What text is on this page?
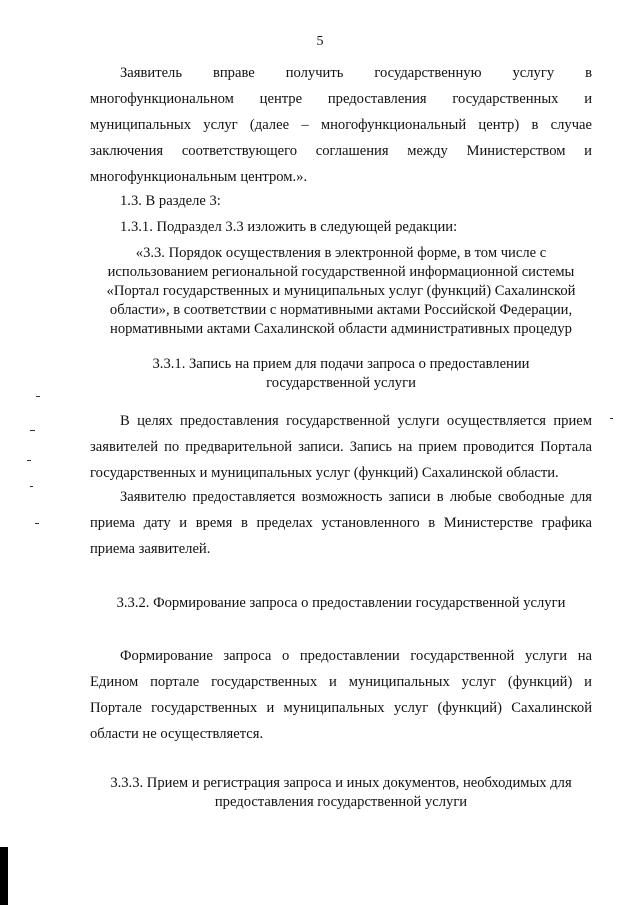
5
Заявитель вправе получить государственную услугу в
многофункциональном центре предоставления государственных и
муниципальных услуг (далее – многофункциональный центр) в случае
заключения соответствующего соглашения между Министерством и
многофункциональным центром.».
1.3. В разделе 3:
1.3.1. Подраздел 3.3 изложить в следующей редакции:
«3.3. Порядок осуществления в электронной форме, в том числе с
использованием региональной государственной информационной системы
«Портал государственных и муниципальных услуг (функций) Сахалинской
области», в соответствии с нормативными актами Российской Федерации,
нормативными актами Сахалинской области административных процедур
3.3.1. Запись на прием для подачи запроса о предоставлении
государственной услуги
В целях предоставления государственной услуги осуществляется прием
заявителей по предварительной записи. Запись на прием проводится Портала
государственных и муниципальных услуг (функций) Сахалинской области.
Заявителю предоставляется возможность записи в любые свободные для
приема дату и время в пределах установленного в Министерстве графика
приема заявителей.
3.3.2. Формирование запроса о предоставлении государственной услуги
Формирование запроса о предоставлении государственной услуги на
Едином портале государственных и муниципальных услуг (функций) и
Портале государственных и муниципальных услуг (функций) Сахалинской
области не осуществляется.
3.3.3. Прием и регистрация запроса и иных документов, необходимых для
предоставления государственной услуги
